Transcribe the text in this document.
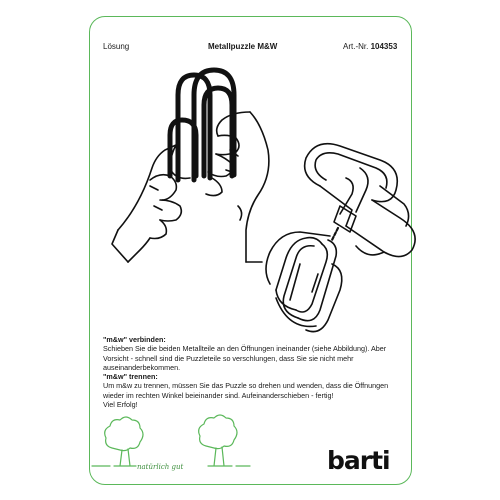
Lösung	Metallpuzzle M&W	Art.-Nr. 104353

"m&w" verbinden:

Schieben Sie die beiden Metallteile an den Öffnungen ineinander (siehe Abbildung). Aber Vorsicht - schnell sind die Puzzleteile so verschlungen, dass Sie sie nicht mehr auseinanderbekommen.

"m&w" trennen:

Um m&w zu trennen, müssen Sie das Puzzle so drehen und wenden, dass die Öffnungen wieder im rechten Winkel beieinander sind. Aufeinanderschieben - fertig!

Viel Erfolg!

natürlich gut	barti
